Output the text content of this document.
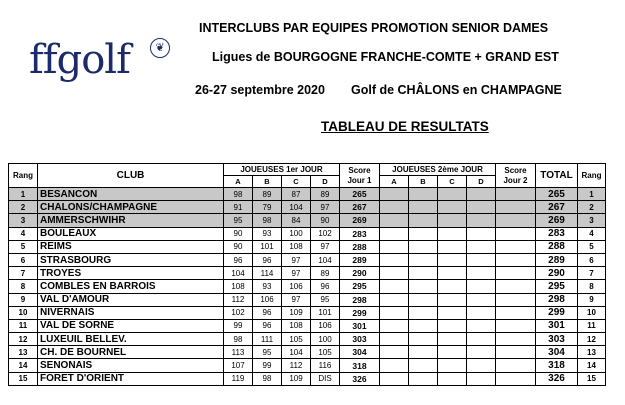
ffgolf	❦
INTERCLUBS PAR EQUIPES PROMOTION SENIOR DAMES
Ligues de BOURGOGNE FRANCHE-COMTE + GRAND EST
26-27 septembre 2020 Golf de CHÂLONS en CHAMPAGNE
TABLEAU DE RESULTATS
Rang	CLUB	JOUEUSES 1er JOUR				Score Jour 1	JOUEUSES 2ème JOUR				Score Jour 2	TOTAL	Rang
		A	B	C	D		A	B	C	D			
1	BESANCON	98	89	87	89	265						265	1
2	CHALONS/CHAMPAGNE	91	79	104	97	267						267	2
3	AMMERSCHWIHR	95	98	84	90	269						269	3
4	BOULEAUX	90	93	100	102	283						283	4
5	REIMS	90	101	108	97	288						288	5
6	STRASBOURG	96	96	97	104	289						289	6
7	TROYES	104	114	97	89	290						290	7
8	COMBLES EN BARROIS	108	93	106	96	295						295	8
9	VAL D'AMOUR	112	106	97	95	298						298	9
10	NIVERNAIS	102	96	109	101	299						299	10
11	VAL DE SORNE	99	96	108	106	301						301	11
12	LUXEUIL BELLEV.	98	111	105	100	303						303	12
13	CH. DE BOURNEL	113	95	104	105	304						304	13
14	SENONAIS	107	99	112	116	318						318	14
15	FORET D'ORIENT	119	98	109	DIS	326						326	15
